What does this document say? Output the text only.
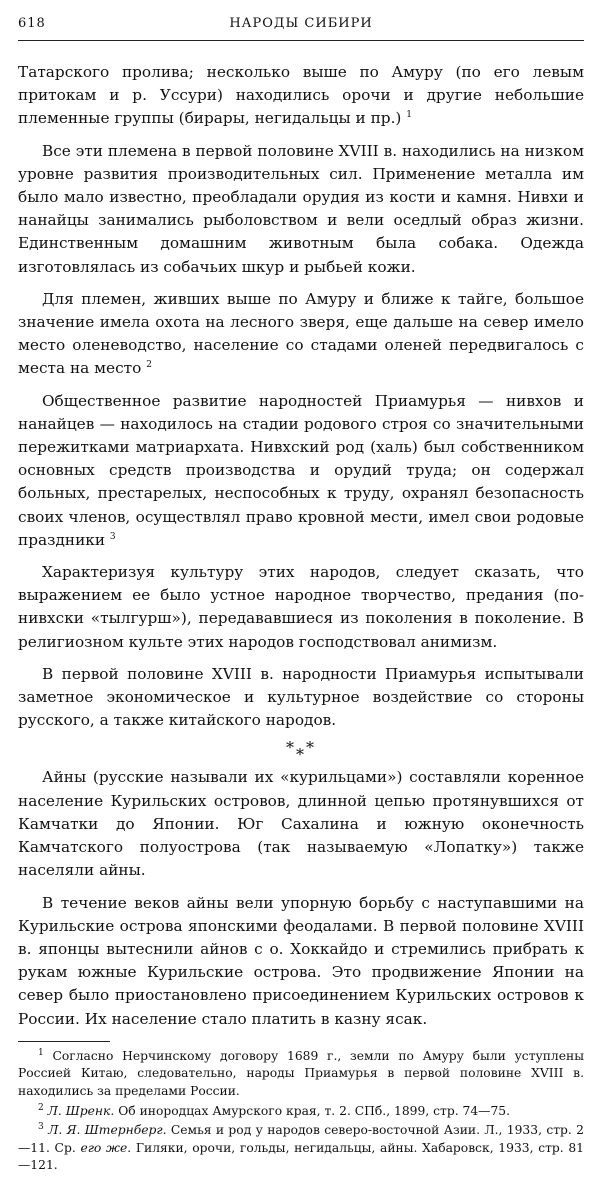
618	НАРОДЫ СИБИРИ

Татарского пролива; несколько выше по Амуру (по его левым притокам и р. Уссури) находились орочи и другие небольшие племенные группы (бирары, негидальцы и пр.) $^1$

Все эти племена в первой половине XVIII в. находились на низком уровне развития производительных сил. Применение металла им было мало известно, преобладали орудия из кости и камня. Нивхи и нанайцы занимались рыболовством и вели оседлый образ жизни. Единственным домашним животным была собака. Одежда изготовлялась из собачьих шкур и рыбьей кожи.

Для племен, живших выше по Амуру и ближе к тайге, большое значение имела охота на лесного зверя, еще дальше на север имело место оленеводство, население со стадами оленей передвигалось с места на место $^2$

Общественное развитие народностей Приамурья — нивхов и нанайцев — находилось на стадии родового строя со значительными пережитками матриархата. Нивхский род (халь) был собственником основных средств производства и орудий труда; он содержал больных, престарелых, неспособных к труду, охранял безопасность своих членов, осуществлял право кровной мести, имел свои родовые праздники $^3$

Характеризуя культуру этих народов, следует сказать, что выражением ее было устное народное творчество, предания (по-нивхски «тылгурш»), передававшиеся из поколения в поколение. В религиозном культе этих народов господствовал анимизм.

В первой половине XVIII в. народности Приамурья испытывали заметное экономическое и культурное воздействие со стороны русского, а также китайского народов.

***

Айны (русские называли их «курильцами») составляли коренное население Курильских островов, длинной цепью протянувшихся от Камчатки до Японии. Юг Сахалина и южную оконечность Камчатского полуострова (так называемую «Лопатку») также населяли айны.

В течение веков айны вели упорную борьбу с наступавшими на Курильские острова японскими феодалами. В первой половине XVIII в. японцы вытеснили айнов с о. Хоккайдо и стремились прибрать к рукам южные Курильские острова. Это продвижение Японии на север было приостановлено присоединением Курильских островов к России. Их население стало платить в казну ясак.

$^1$ Согласно Нерчинскому договору 1689 г., земли по Амуру были уступлены Россией Китаю, следовательно, народы Приамурья в первой половине XVIII в. находились за пределами России.

$^2$ Л. Шренк. Об инородцах Амурского края, т. 2. СПб., 1899, стр. 74—75.

$^3$ Л. Я. Штернберг. Семья и род у народов северо-восточной Азии. Л., 1933, стр. 2—11. Ср. его же. Гиляки, орочи, гольды, негидальцы, айны. Хабаровск, 1933, стр. 81—121.
